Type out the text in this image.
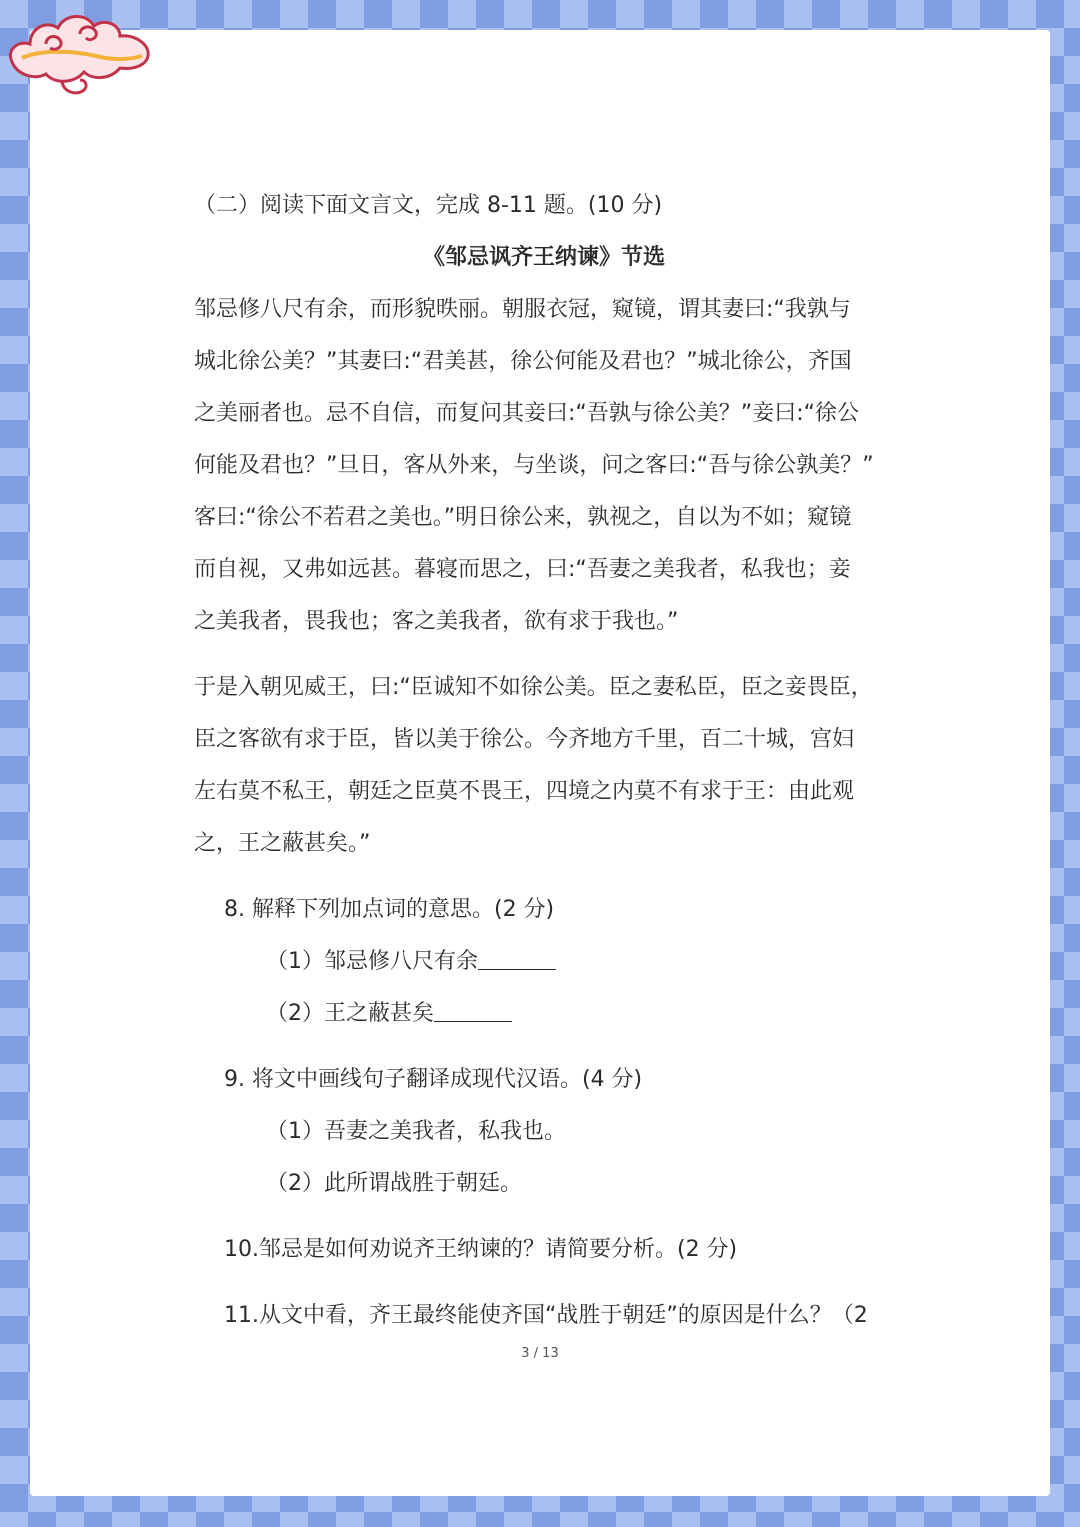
（二）阅读下面文言文，完成 8-11 题。(10 分)
《邹忌讽齐王纳谏》节选
邹忌修八尺有余，而形貌昳丽。朝服衣冠，窥镜，谓其妻曰:“我孰与
城北徐公美？”其妻曰:“君美甚，徐公何能及君也？”城北徐公，齐国
之美丽者也。忌不自信，而复问其妾曰:“吾孰与徐公美？”妾曰:“徐公
何能及君也？”旦日，客从外来，与坐谈，问之客曰:“吾与徐公孰美？”
客曰:“徐公不若君之美也。”明日徐公来，孰视之，自以为不如；窥镜
而自视，又弗如远甚。暮寝而思之，曰:“吾妻之美我者，私我也；妾
之美我者，畏我也；客之美我者，欲有求于我也。”
于是入朝见威王，曰:“臣诚知不如徐公美。臣之妻私臣，臣之妾畏臣，
臣之客欲有求于臣，皆以美于徐公。今齐地方千里，百二十城，宫妇
左右莫不私王，朝廷之臣莫不畏王，四境之内莫不有求于王：由此观
之，王之蔽甚矣。”
8. 解释下列加点词的意思。(2 分)
（1）邹忌修八尺有余
（2）王之蔽甚矣
9. 将文中画线句子翻译成现代汉语。(4 分)
（1）吾妻之美我者，私我也。
（2）此所谓战胜于朝廷。
10.邹忌是如何劝说齐王纳谏的？请简要分析。(2 分)
11.从文中看，齐王最终能使齐国“战胜于朝廷”的原因是什么？（2
3 / 13
